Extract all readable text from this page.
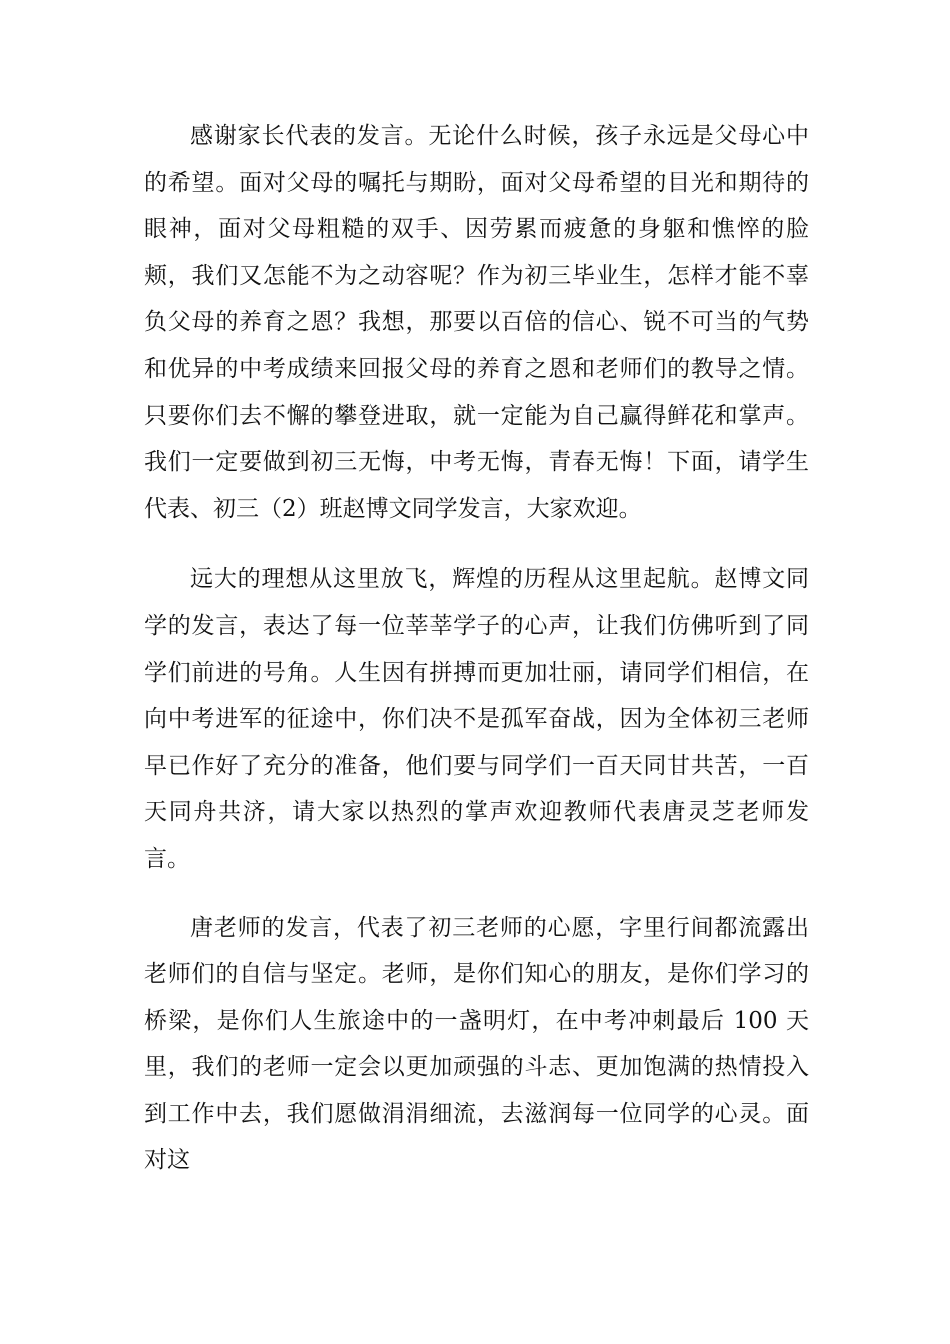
感谢家长代表的发言。无论什么时候，孩子永远是父母心中的希望。面对父母的嘱托与期盼，面对父母希望的目光和期待的眼神，面对父母粗糙的双手、因劳累而疲惫的身躯和憔悴的脸颊，我们又怎能不为之动容呢？作为初三毕业生，怎样才能不辜负父母的养育之恩？我想，那要以百倍的信心、锐不可当的气势和优异的中考成绩来回报父母的养育之恩和老师们的教导之情。只要你们去不懈的攀登进取，就一定能为自己赢得鲜花和掌声。我们一定要做到初三无悔，中考无悔，青春无悔！下面，请学生代表、初三（2）班赵博文同学发言，大家欢迎。

远大的理想从这里放飞，辉煌的历程从这里起航。赵博文同学的发言，表达了每一位莘莘学子的心声，让我们仿佛听到了同学们前进的号角。人生因有拼搏而更加壮丽，请同学们相信，在向中考进军的征途中，你们决不是孤军奋战，因为全体初三老师早已作好了充分的准备，他们要与同学们一百天同甘共苦，一百天同舟共济，请大家以热烈的掌声欢迎教师代表唐灵芝老师发言。

唐老师的发言，代表了初三老师的心愿，字里行间都流露出老师们的自信与坚定。老师，是你们知心的朋友，是你们学习的桥梁，是你们人生旅途中的一盏明灯，在中考冲刺最后 100 天里，我们的老师一定会以更加顽强的斗志、更加饱满的热情投入到工作中去，我们愿做涓涓细流，去滋润每一位同学的心灵。面对这
